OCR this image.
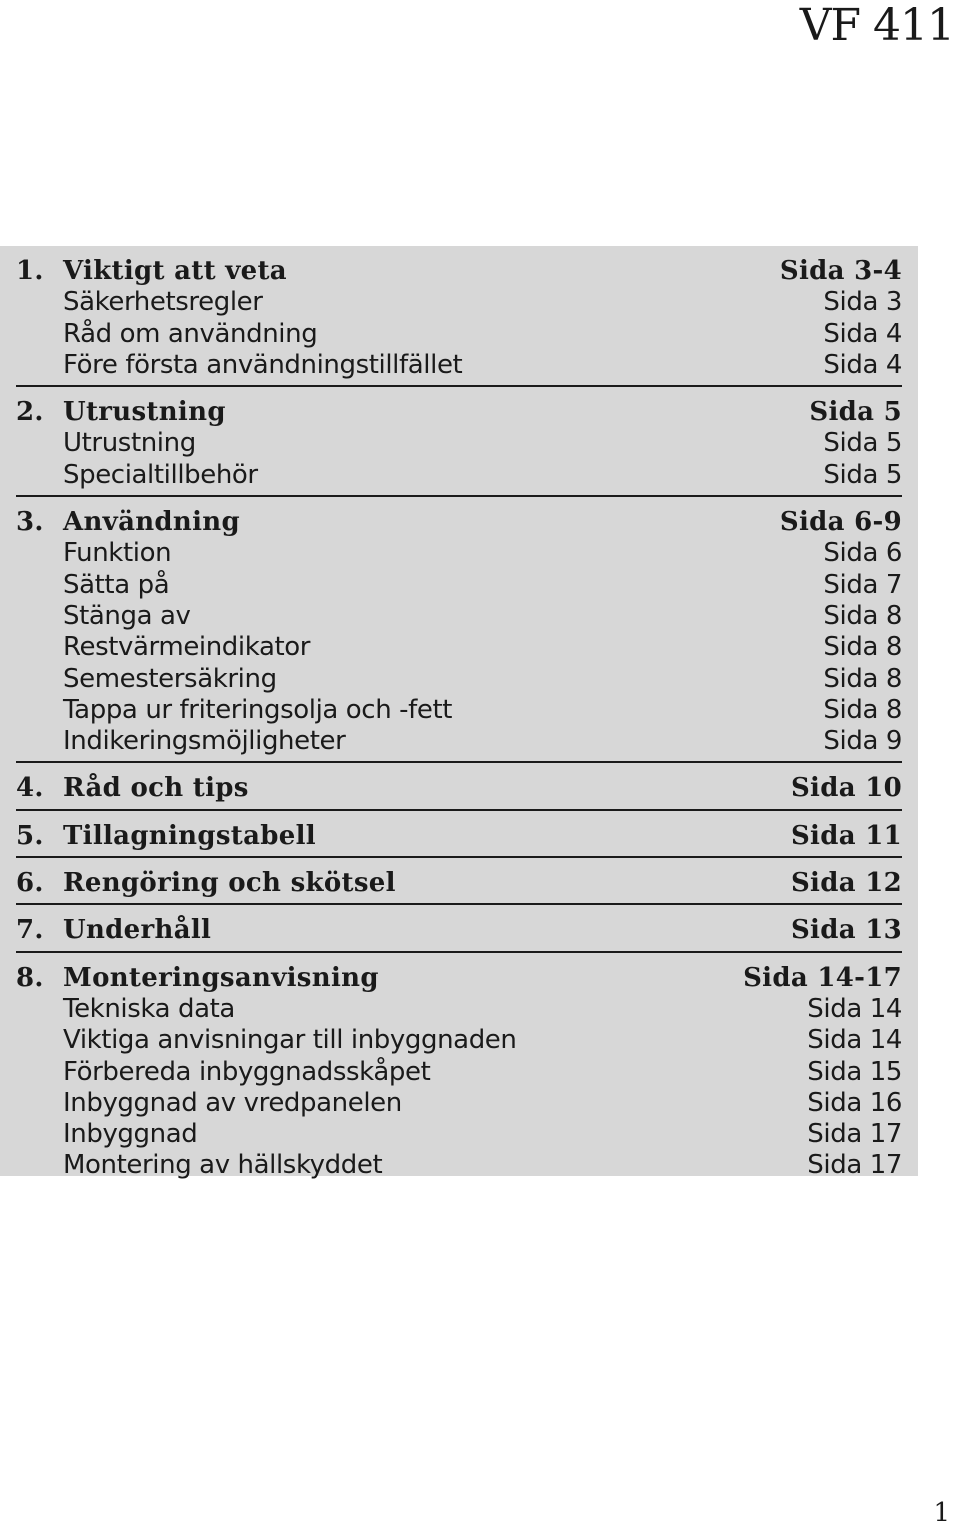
VF 411
1. Viktigt att veta	Sida 3-4
Säkerhetsregler	Sida 3
Råd om användning	Sida 4
Före första användningstillfället	Sida 4
2. Utrustning	Sida 5
Utrustning	Sida 5
Specialtillbehör	Sida 5
3. Användning	Sida 6-9
Funktion	Sida 6
Sätta på	Sida 7
Stänga av	Sida 8
Restvärmeindikator	Sida 8
Semestersäkring	Sida 8
Tappa ur friteringsolja och -fett	Sida 8
Indikeringsmöjligheter	Sida 9
4. Råd och tips	Sida 10
5. Tillagningstabell	Sida 11
6. Rengöring och skötsel	Sida 12
7. Underhåll	Sida 13
8. Monteringsanvisning	Sida 14-17
Tekniska data	Sida 14
Viktiga anvisningar till inbyggnaden	Sida 14
Förbereda inbyggnadsskåpet	Sida 15
Inbyggnad av vredpanelen	Sida 16
Inbyggnad	Sida 17
Montering av hällskyddet	Sida 17
1
